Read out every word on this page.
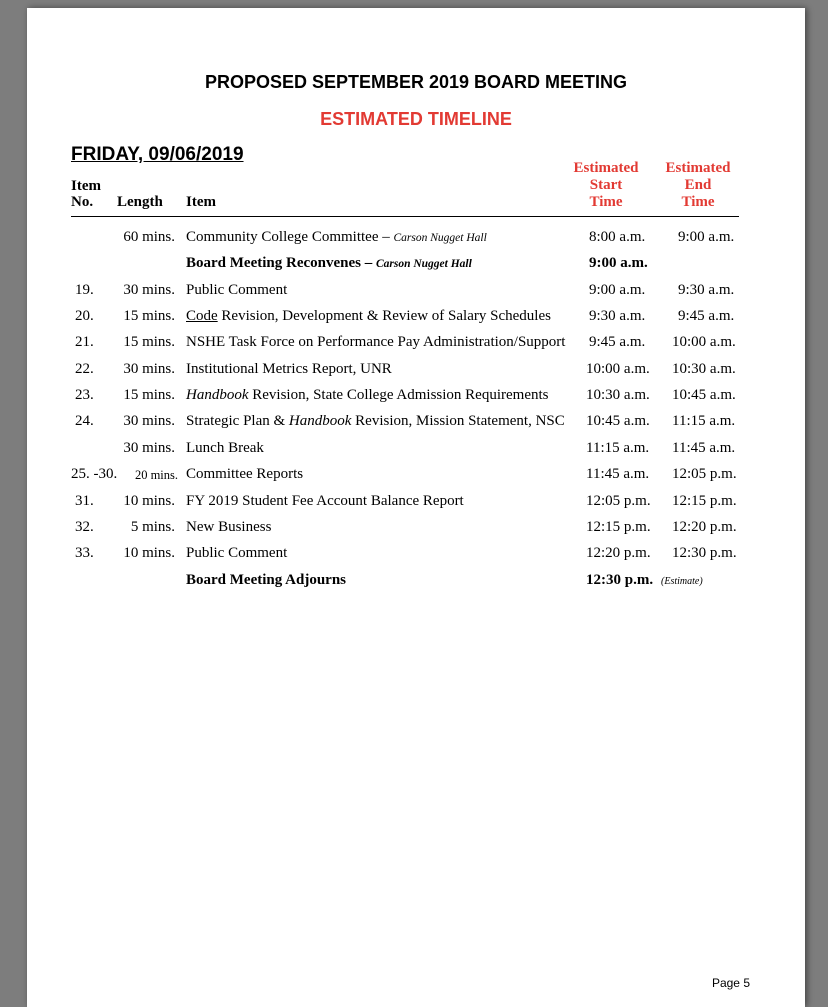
PROPOSED SEPTEMBER 2019 BOARD MEETING
ESTIMATED TIMELINE
FRIDAY, 09/06/2019
Item
No. Length Item
Estimated
Start
Time
Estimated
End
Time
60 mins. Community College Committee – Carson Nugget Hall	8:00 a.m. 9:00 a.m.
Board Meeting Reconvenes – Carson Nugget Hall	9:00 a.m.
19.	30 mins. Public Comment	9:00 a.m. 9:30 a.m.
20.	15 mins. Code Revision, Development & Review of Salary Schedules	9:30 a.m. 9:45 a.m.
21.	15 mins. NSHE Task Force on Performance Pay Administration/Support 9:45 a.m. 10:00 a.m.
22.	30 mins. Institutional Metrics Report, UNR	10:00 a.m. 10:30 a.m.
23.	15 mins. Handbook Revision, State College Admission Requirements	10:30 a.m. 10:45 a.m.
24.	30 mins. Strategic Plan & Handbook Revision, Mission Statement, NSC 10:45 a.m. 11:15 a.m.
30 mins. Lunch Break	11:15 a.m. 11:45 a.m.
25. -30.	20 mins. Committee Reports	11:45 a.m. 12:05 p.m.
31.	10 mins. FY 2019 Student Fee Account Balance Report	12:05 p.m. 12:15 p.m.
32.	5 mins. New Business	12:15 p.m. 12:20 p.m.
33.	10 mins. Public Comment	12:20 p.m. 12:30 p.m.
Board Meeting Adjourns	12:30 p.m. (Estimate)
Page 5
